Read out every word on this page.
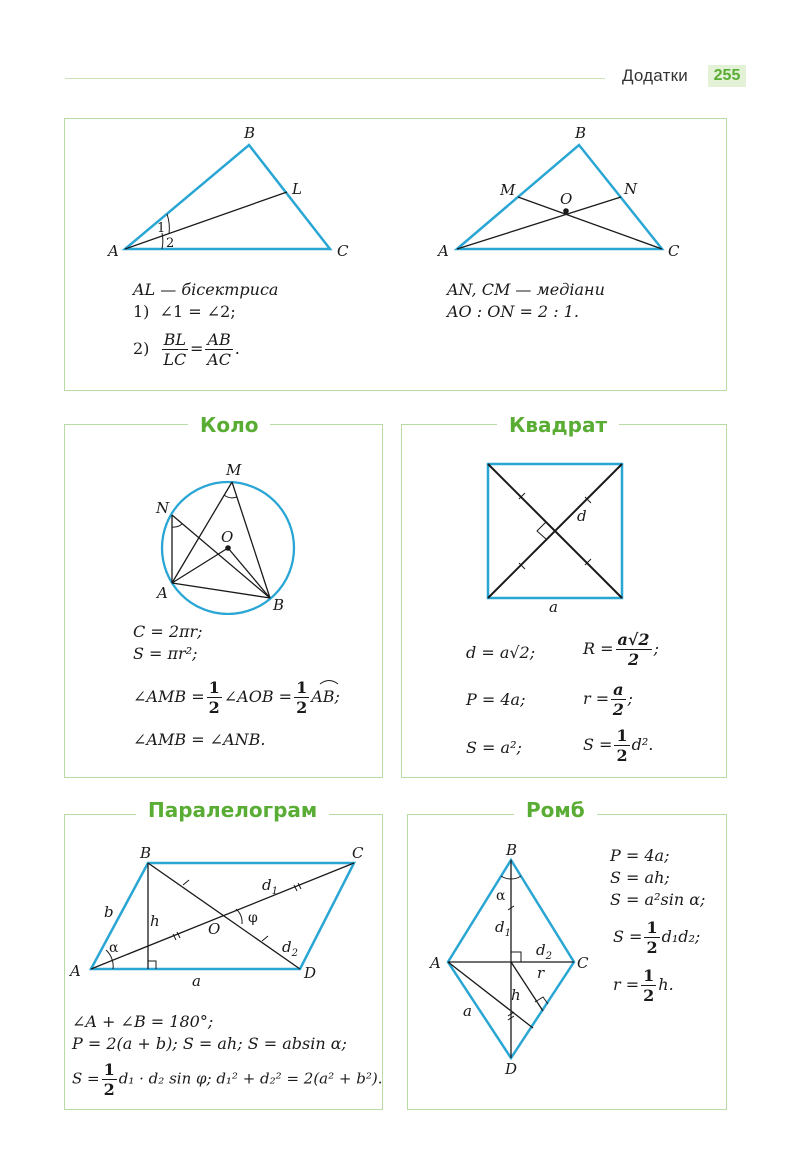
Додатки	255
B
A	C
L
1
2
AL — бісектриса
1) ∠1 = ∠2;
$2) \frac{BL}{LC} = \frac{AB}{AC}$ .
B
A	C
M	N
O
AN, CM — медіани
AO : ON = 2 : 1.
Коло
M
N
O
A
B
C = 2πr;
S = πr²;
∠AMB = $\frac{1}{2}$ ∠AOB = $\frac{1}{2}$ AB;
∠AMB = ∠ANB.
Квадрат
d
a
d = a√2;	$R = \frac{a√2}{2}$ ;
P = 4a;	$r = \frac{a}{2}$ ;
S = a²;	$S = \frac{1}{2} d^2$.
Паралелограм
B	C
A	D
O
b h
a
α
φ
$d_1$
$d_2$
∠A + ∠B = 180°;
P = 2(a + b); S = ah; S = absin α;
$S = \frac{1}{2} d_1 \cdot d_2$ sin φ; d₁² + d₂² = 2(a² + b²).
Ромб
B
A	C
D
a
h
r
α
$d_1$
$d_2$
P = 4a;
S = ah;
S = a²sin α;
$S = \frac{1}{2} d_1d_2$;
$r = \frac{1}{2} h$.
